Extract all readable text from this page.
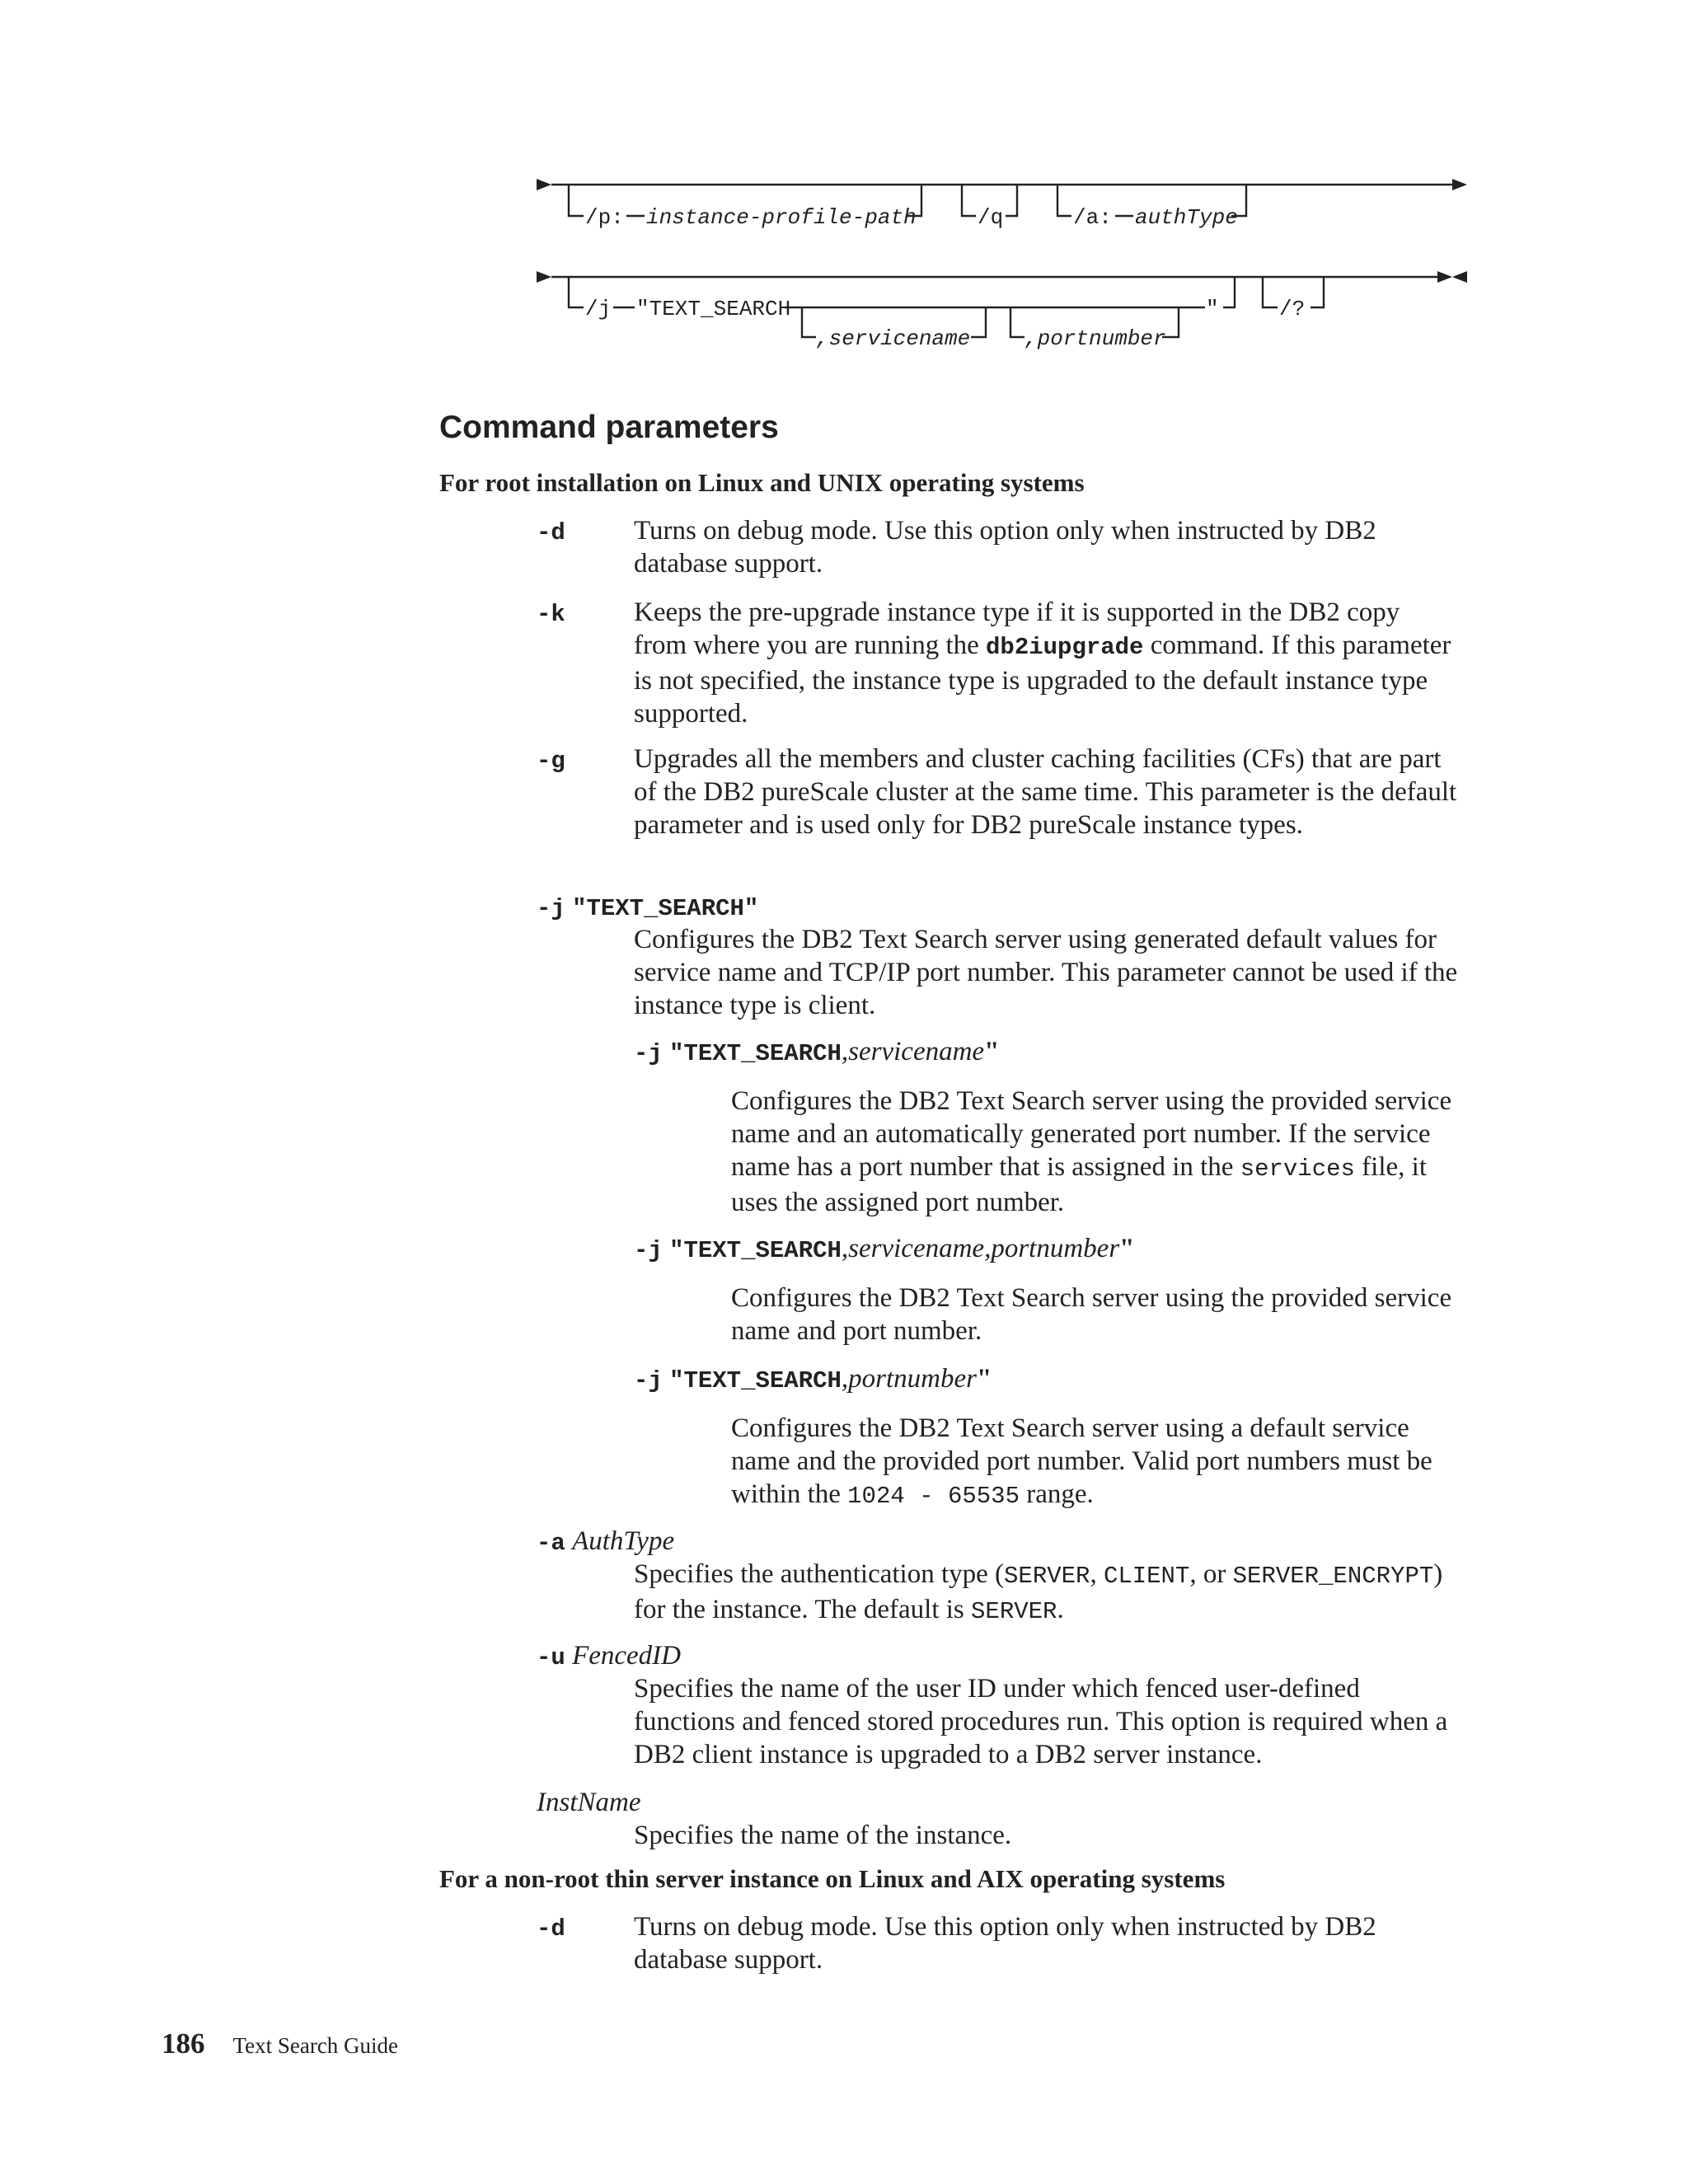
/p: instance-profile-path	/q	/a: authType
/j "TEXT_SEARCH	"
,servicename	,portnumber
/?
Command parameters
For root installation on Linux and UNIX operating systems
-d	Turns on debug mode. Use this option only when instructed by DB2 database support.
-k	Keeps the pre-upgrade instance type if it is supported in the DB2 copy from where you are running the db2iupgrade command. If this parameter is not specified, the instance type is upgraded to the default instance type supported.
-g	Upgrades all the members and cluster caching facilities (CFs) that are part of the DB2 pureScale cluster at the same time. This parameter is the default parameter and is used only for DB2 pureScale instance types.
-j "TEXT_SEARCH"
Configures the DB2 Text Search server using generated default values for service name and TCP/IP port number. This parameter cannot be used if the instance type is client.
-j "TEXT_SEARCH,servicename"
Configures the DB2 Text Search server using the provided service name and an automatically generated port number. If the service name has a port number that is assigned in the services file, it uses the assigned port number.
-j "TEXT_SEARCH,servicename,portnumber"
Configures the DB2 Text Search server using the provided service name and port number.
-j "TEXT_SEARCH,portnumber"
Configures the DB2 Text Search server using a default service name and the provided port number. Valid port numbers must be within the 1024 - 65535 range.
-a AuthType
Specifies the authentication type (SERVER, CLIENT, or SERVER_ENCRYPT) for the instance. The default is SERVER.
-u FencedID
Specifies the name of the user ID under which fenced user-defined functions and fenced stored procedures run. This option is required when a DB2 client instance is upgraded to a DB2 server instance.
InstName
Specifies the name of the instance.
For a non-root thin server instance on Linux and AIX operating systems
-d	Turns on debug mode. Use this option only when instructed by DB2 database support.
186 Text Search Guide
